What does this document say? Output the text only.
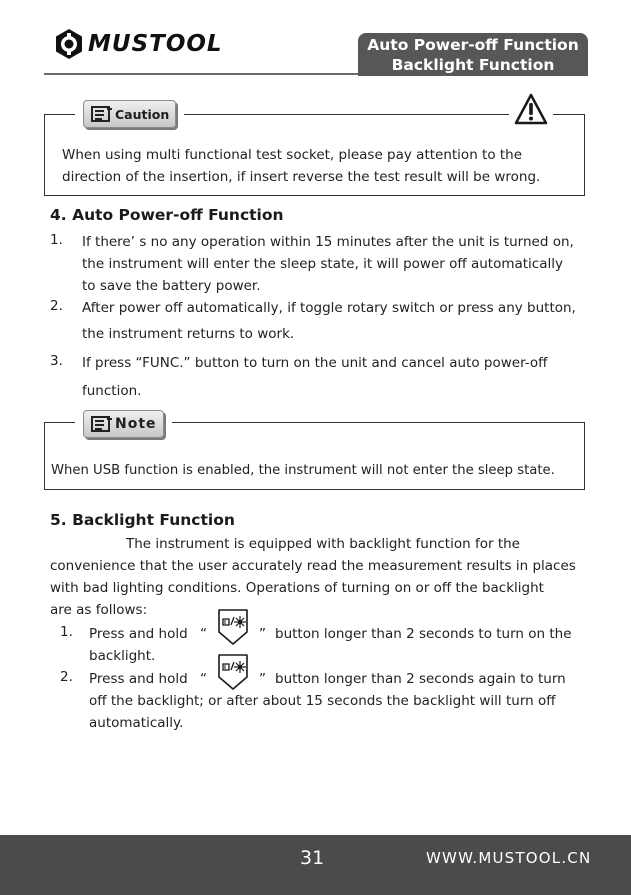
MUSTOOL	Auto Power-off Function
Backlight Function
Caution
When using multi functional test socket, please pay attention to the
direction of the insertion, if insert reverse the test result will be wrong.
4. Auto Power-off Function
1. If there’ s no any operation within 15 minutes after the unit is turned on,
the instrument will enter the sleep state, it will power off automatically
to save the battery power.
2. After power off automatically, if toggle rotary switch or press any button,
the instrument returns to work.
3. If press “FUNC.” button to turn on the unit and cancel auto power-off
function.
Note
When USB function is enabled, the instrument will not enter the sleep state.
5. Backlight Function
The instrument is equipped with backlight function for the
convenience that the user accurately read the measurement results in places
with bad lighting conditions. Operations of turning on or off the backlight
are as follows:
1. Press and hold “	” button longer than 2 seconds to turn on the
backlight.
2. Press and hold “	” button longer than 2 seconds again to turn
off the backlight; or after about 15 seconds the backlight will turn off
automatically.
31	WWW.MUSTOOL.CN
